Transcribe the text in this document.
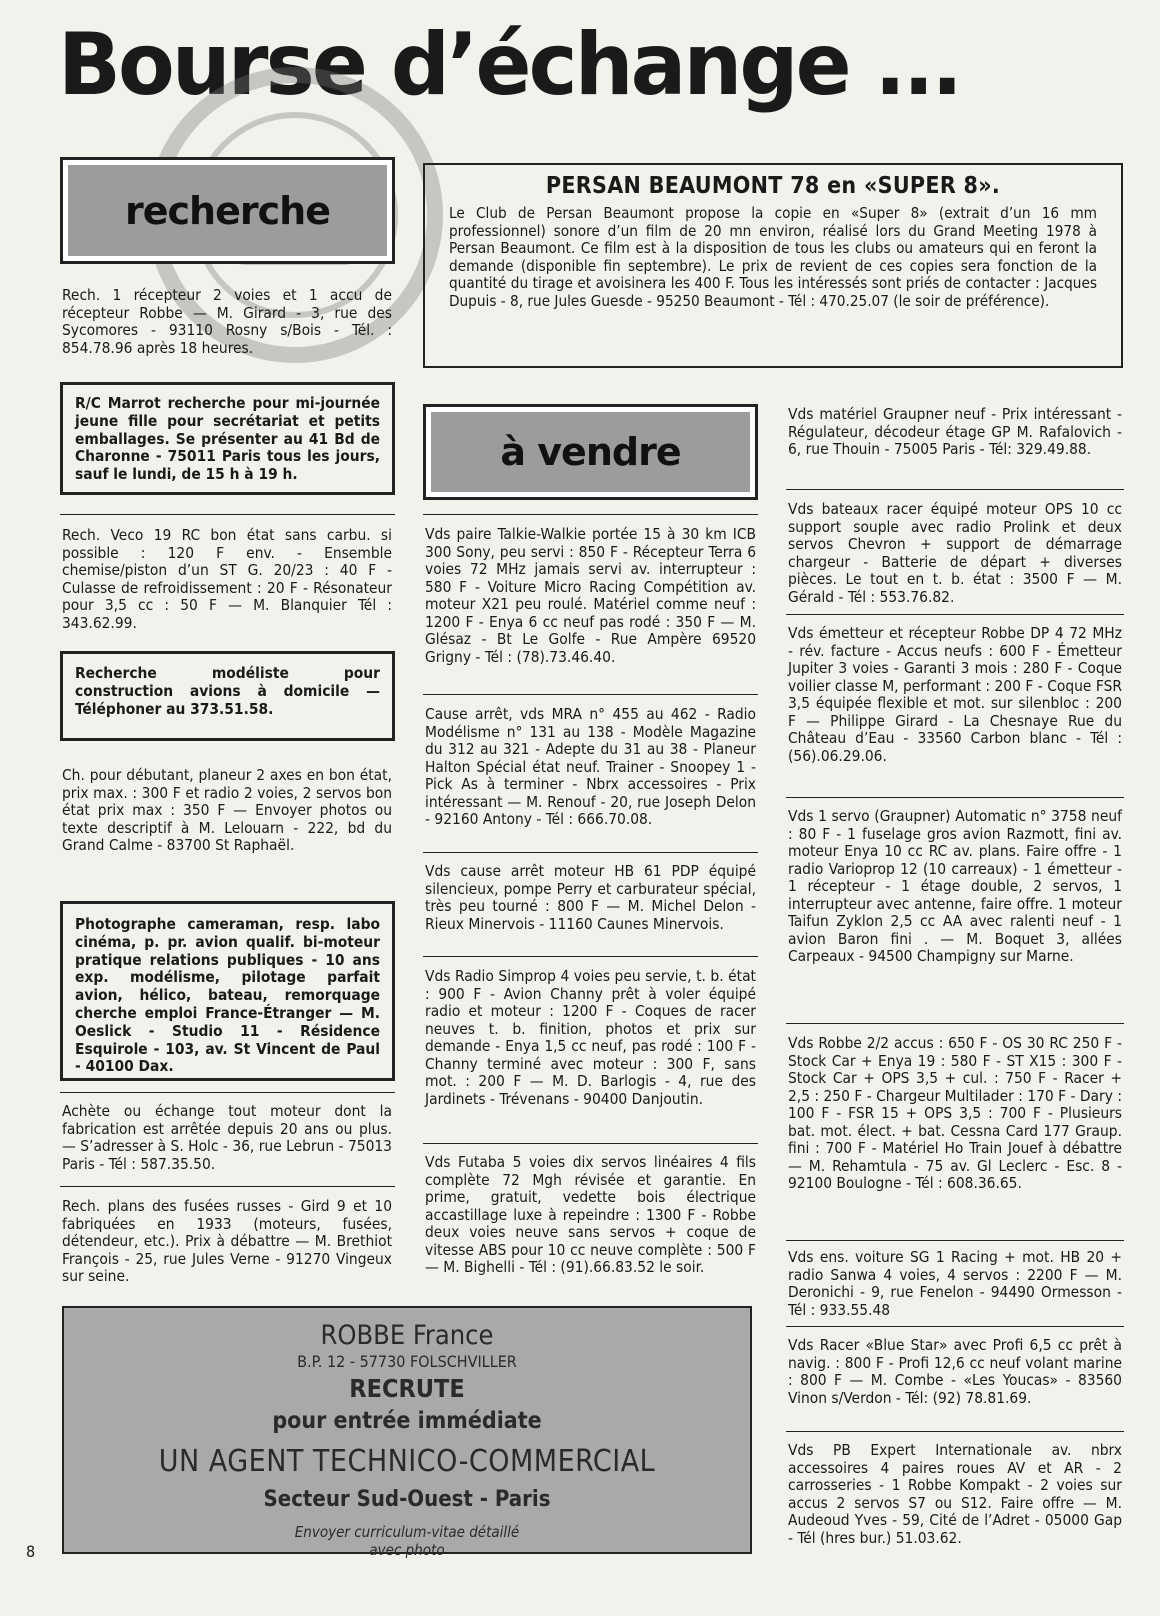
Bourse d’échange ...
recherche

Rech. 1 récepteur 2 voies et 1 accu de récepteur Robbe — M. Girard - 3, rue des Sycomores - 93110 Rosny s/Bois - Tél. : 854.78.96 après 18 heures.

R/C Marrot recherche pour mi-journée jeune fille pour secrétariat et petits emballages. Se présenter au 41 Bd de Charonne - 75011 Paris tous les jours, sauf le lundi, de 15 h à 19 h.

Rech. Veco 19 RC bon état sans carbu. si possible : 120 F env. - Ensemble chemise/piston d’un ST G. 20/23 : 40 F - Culasse de refroidissement : 20 F - Résonateur pour 3,5 cc : 50 F — M. Blanquier Tél : 343.62.99.

Recherche modéliste pour construction avions à domicile — Téléphoner au 373.51.58.

Ch. pour débutant, planeur 2 axes en bon état, prix max. : 300 F et radio 2 voies, 2 servos bon état prix max : 350 F — Envoyer photos ou texte descriptif à M. Lelouarn - 222, bd du Grand Calme - 83700 St Raphaël.

Photographe cameraman, resp. labo cinéma, p. pr. avion qualif. bi-moteur pratique relations publiques - 10 ans exp. modélisme, pilotage parfait avion, hélico, bateau, remorquage cherche emploi France-Étranger — M. Oeslick - Studio 11 - Résidence Esquirole - 103, av. St Vincent de Paul - 40100 Dax.

Achète ou échange tout moteur dont la fabrication est arrêtée depuis 20 ans ou plus. — S’adresser à S. Holc - 36, rue Lebrun - 75013 Paris - Tél : 587.35.50.

Rech. plans des fusées russes - Gird 9 et 10 fabriquées en 1933 (moteurs, fusées, détendeur, etc.). Prix à débattre — M. Brethiot François - 25, rue Jules Verne - 91270 Vingeux sur seine.

PERSAN BEAUMONT 78 en «SUPER 8».

Le Club de Persan Beaumont propose la copie en «Super 8» (extrait d’un 16 mm professionnel) sonore d’un film de 20 mn environ, réalisé lors du Grand Meeting 1978 à Persan Beaumont. Ce film est à la disposition de tous les clubs ou amateurs qui en feront la demande (disponible fin septembre). Le prix de revient de ces copies sera fonction de la quantité du tirage et avoisinera les 400 F. Tous les intéressés sont priés de contacter : Jacques Dupuis - 8, rue Jules Guesde - 95250 Beaumont - Tél : 470.25.07 (le soir de préférence).

à vendre

Vds paire Talkie-Walkie portée 15 à 30 km ICB 300 Sony, peu servi : 850 F - Récepteur Terra 6 voies 72 MHz jamais servi av. interrupteur : 580 F - Voiture Micro Racing Compétition av. moteur X21 peu roulé. Matériel comme neuf : 1200 F - Enya 6 cc neuf pas rodé : 350 F — M. Glésaz - Bt Le Golfe - Rue Ampère 69520 Grigny - Tél : (78).73.46.40.

Cause arrêt, vds MRA n° 455 au 462 - Radio Modélisme n° 131 au 138 - Modèle Magazine du 312 au 321 - Adepte du 31 au 38 - Planeur Halton Spécial état neuf. Trainer - Snoopey 1 - Pick As à terminer - Nbrx accessoires - Prix intéressant — M. Renouf - 20, rue Joseph Delon - 92160 Antony - Tél : 666.70.08.

Vds cause arrêt moteur HB 61 PDP équipé silencieux, pompe Perry et carburateur spécial, très peu tourné : 800 F — M. Michel Delon - Rieux Minervois - 11160 Caunes Minervois.

Vds Radio Simprop 4 voies peu servie, t. b. état : 900 F - Avion Channy prêt à voler équipé radio et moteur : 1200 F - Coques de racer neuves t. b. finition, photos et prix sur demande - Enya 1,5 cc neuf, pas rodé : 100 F - Channy terminé avec moteur : 300 F, sans mot. : 200 F — M. D. Barlogis - 4, rue des Jardinets - Trévenans - 90400 Danjoutin.

Vds Futaba 5 voies dix servos linéaires 4 fils complète 72 Mgh révisée et garantie. En prime, gratuit, vedette bois électrique accastillage luxe à repeindre : 1300 F - Robbe deux voies neuve sans servos + coque de vitesse ABS pour 10 cc neuve complète : 500 F — M. Bighelli - Tél : (91).66.83.52 le soir.

Vds matériel Graupner neuf - Prix intéressant - Régulateur, décodeur étage GP M. Rafalovich - 6, rue Thouin - 75005 Paris - Tél: 329.49.88.

Vds bateaux racer équipé moteur OPS 10 cc support souple avec radio Prolink et deux servos Chevron + support de démarrage chargeur - Batterie de départ + diverses pièces. Le tout en t. b. état : 3500 F — M. Gérald - Tél : 553.76.82.

Vds émetteur et récepteur Robbe DP 4 72 MHz - rév. facture - Accus neufs : 600 F - Émetteur Jupiter 3 voies - Garanti 3 mois : 280 F - Coque voilier classe M, performant : 200 F - Coque FSR 3,5 équipée flexible et mot. sur silenbloc : 200 F — Philippe Girard - La Chesnaye Rue du Château d’Eau - 33560 Carbon blanc - Tél : (56).06.29.06.

Vds 1 servo (Graupner) Automatic n° 3758 neuf : 80 F - 1 fuselage gros avion Razmott, fini av. moteur Enya 10 cc RC av. plans. Faire offre - 1 radio Varioprop 12 (10 carreaux) - 1 émetteur - 1 récepteur - 1 étage double, 2 servos, 1 interrupteur avec antenne, faire offre. 1 moteur Taifun Zyklon 2,5 cc AA avec ralenti neuf - 1 avion Baron fini . — M. Boquet 3, allées Carpeaux - 94500 Champigny sur Marne.

Vds Robbe 2/2 accus : 650 F - OS 30 RC 250 F - Stock Car + Enya 19 : 580 F - ST X15 : 300 F - Stock Car + OPS 3,5 + cul. : 750 F - Racer + 2,5 : 250 F - Chargeur Multilader : 170 F - Dary : 100 F - FSR 15 + OPS 3,5 : 700 F - Plusieurs bat. mot. élect. + bat. Cessna Card 177 Graup. fini : 700 F - Matériel Ho Train Jouef à débattre — M. Rehamtula - 75 av. Gl Leclerc - Esc. 8 - 92100 Boulogne - Tél : 608.36.65.

Vds ens. voiture SG 1 Racing + mot. HB 20 + radio Sanwa 4 voies, 4 servos : 2200 F — M. Deronichi - 9, rue Fenelon - 94490 Ormesson - Tél : 933.55.48

Vds Racer «Blue Star» avec Profi 6,5 cc prêt à navig. : 800 F - Profi 12,6 cc neuf volant marine : 800 F — M. Combe - «Les Youcas» - 83560 Vinon s/Verdon - Tél: (92) 78.81.69.

Vds PB Expert Internationale av. nbrx accessoires 4 paires roues AV et AR - 2 carrosseries - 1 Robbe Kompakt - 2 voies sur accus 2 servos S7 ou S12. Faire offre — M. Audeoud Yves - 59, Cité de l’Adret - 05000 Gap - Tél (hres bur.) 51.03.62.

ROBBE France
B.P. 12 - 57730 FOLSCHVILLER
RECRUTE
pour entrée immédiate
UN AGENT TECHNICO-COMMERCIAL
Secteur Sud-Ouest - Paris
Envoyer curriculum-vitae détaillé
avec photo
8
